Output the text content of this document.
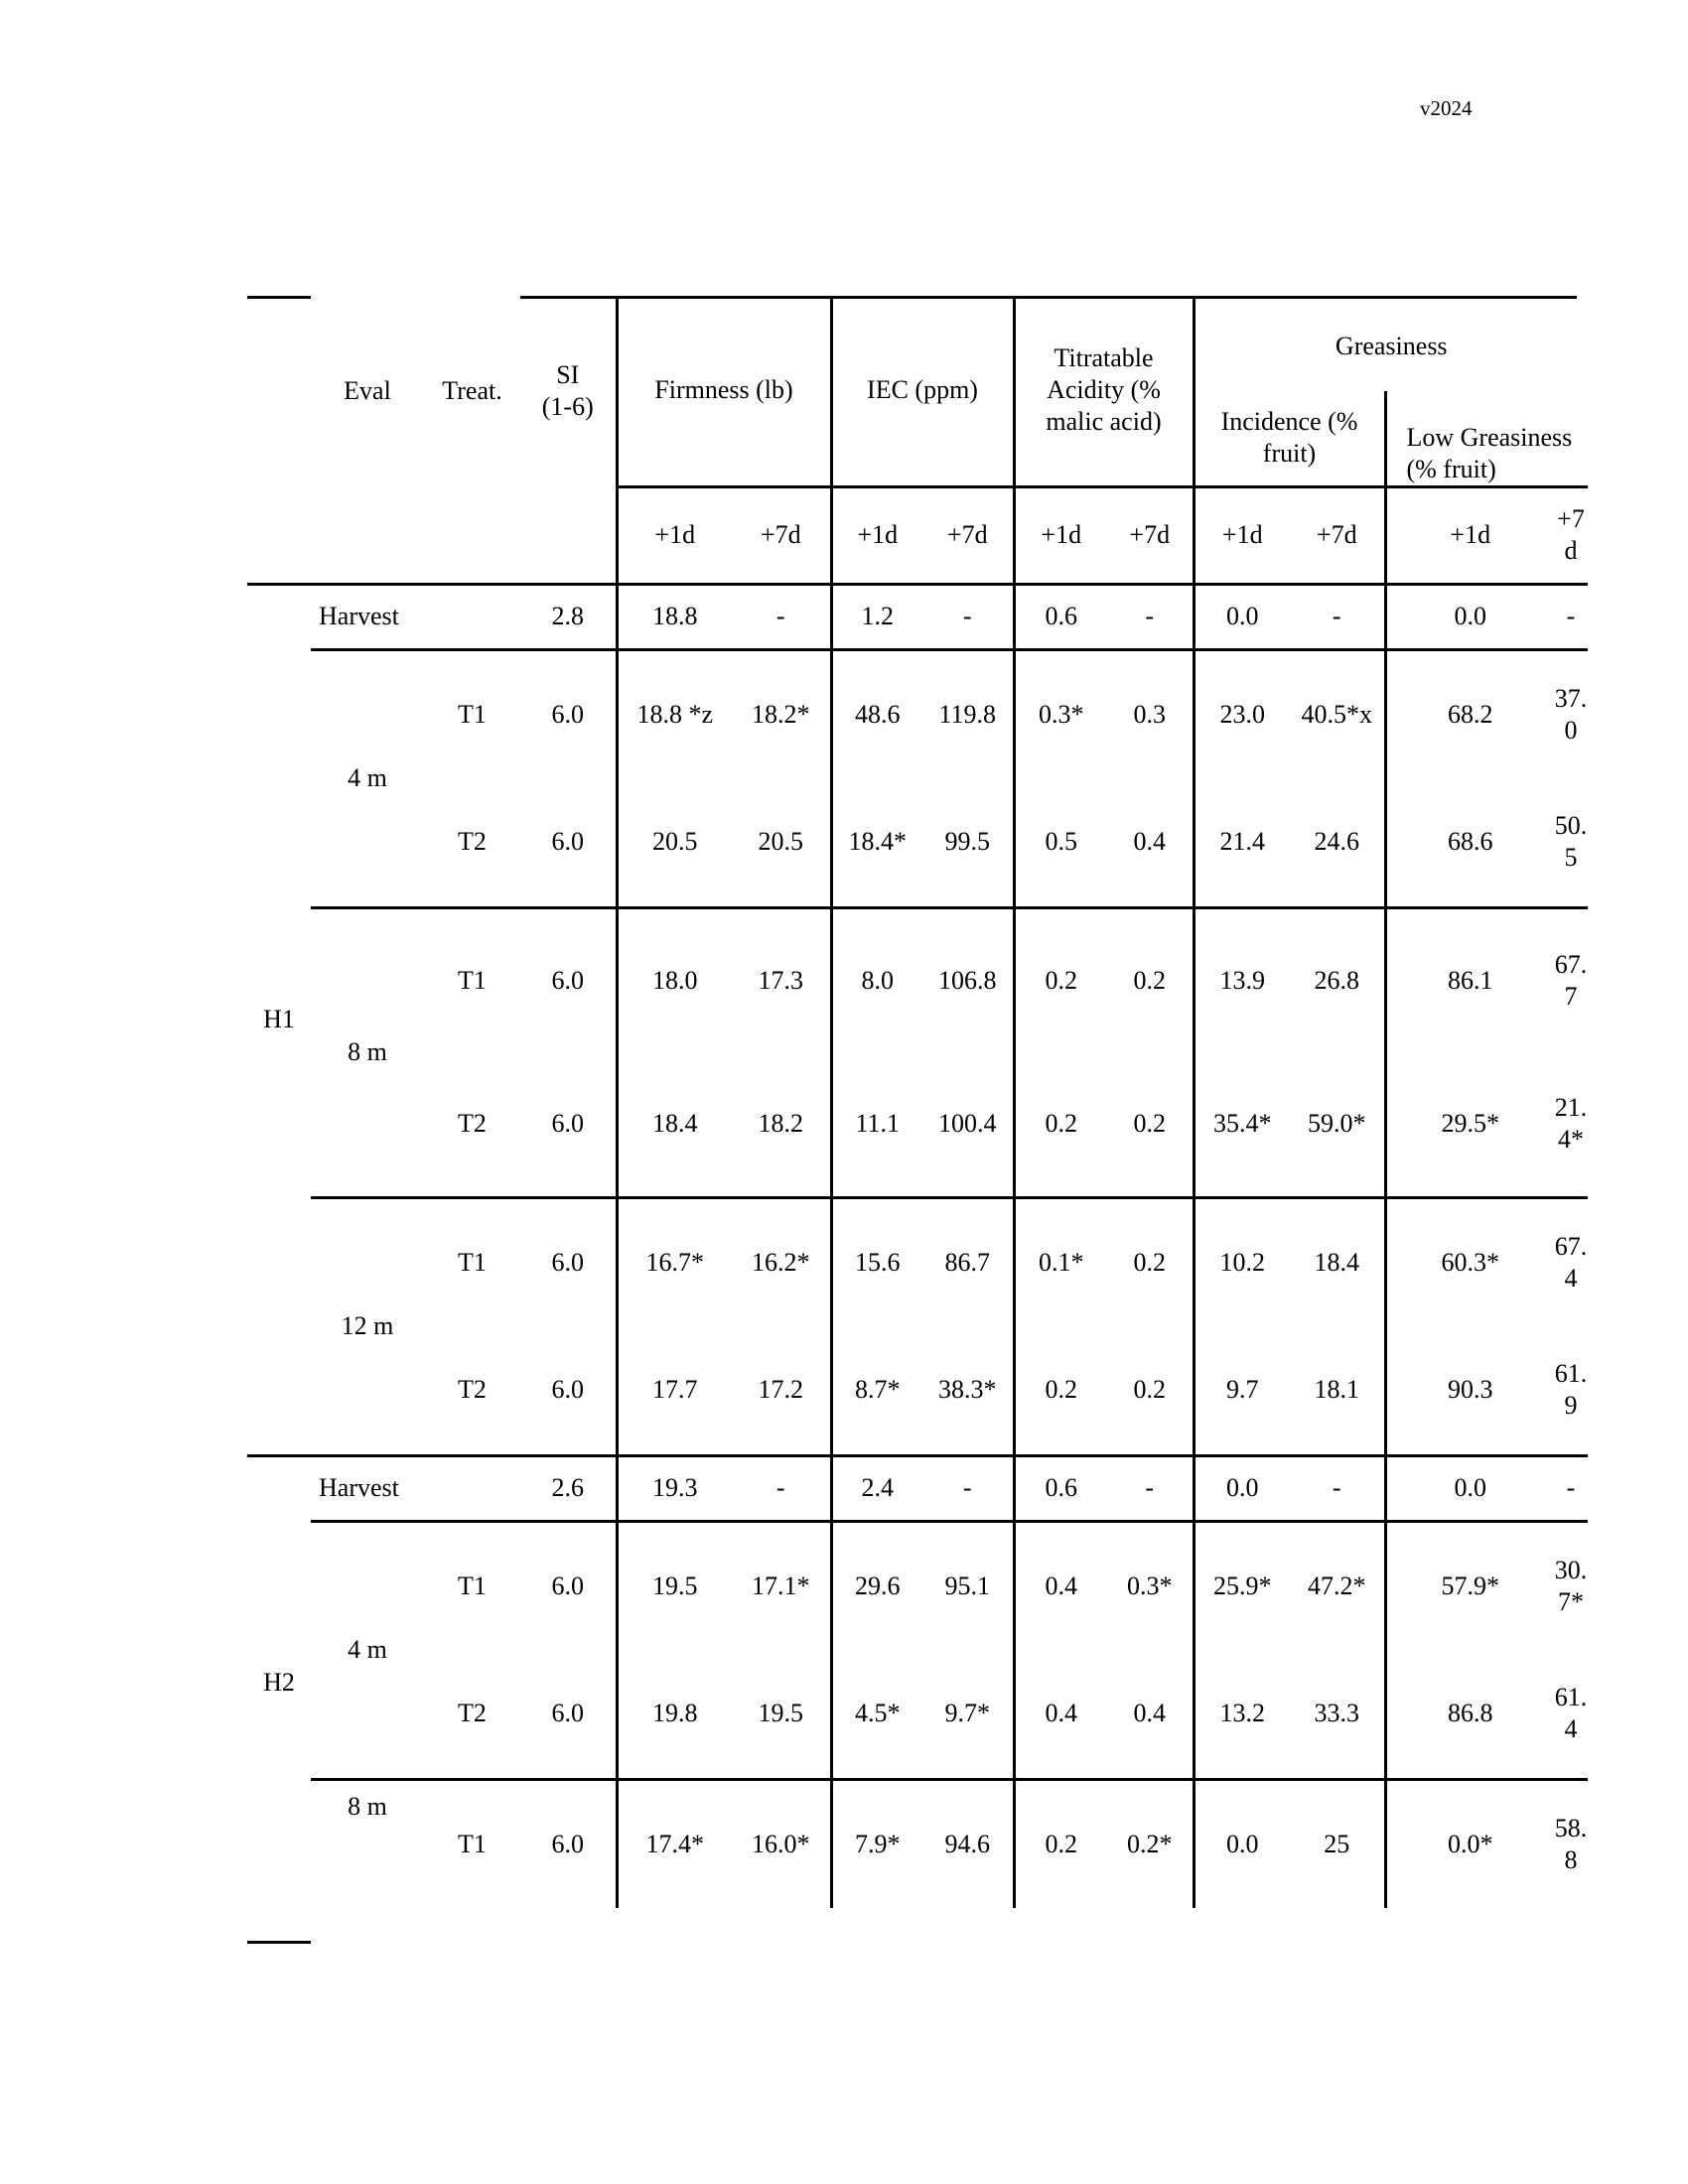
v2024
	Eval	Treat.	SI
(1-6)	Firmness (lb)		IEC (ppm)		Titratable Acidity (% malic acid)		Greasiness			
										Incidence (% fruit)		Low Greasiness (% fruit)	
				+1d	+7d	+1d	+7d	+1d	+7d	+1d	+7d	+1d	+7d
H1	Harvest		2.8	18.8	-	1.2	-	0.6	-	0.0	-	0.0	-
	4 m	T1	6.0	18.8 *z	18.2*	48.6	119.8	0.3*	0.3	23.0	40.5*x	68.2	37.0
		T2	6.0	20.5	20.5	18.4*	99.5	0.5	0.4	21.4	24.6	68.6	50.5
	8 m	T1	6.0	18.0	17.3	8.0	106.8	0.2	0.2	13.9	26.8	86.1	67.7
		T2	6.0	18.4	18.2	11.1	100.4	0.2	0.2	35.4*	59.0*	29.5*	21.4*
	12 m	T1	6.0	16.7*	16.2*	15.6	86.7	0.1*	0.2	10.2	18.4	60.3*	67.4
		T2	6.0	17.7	17.2	8.7*	38.3*	0.2	0.2	9.7	18.1	90.3	61.9
H2	Harvest		2.6	19.3	-	2.4	-	0.6	-	0.0	-	0.0	-
	4 m	T1	6.0	19.5	17.1*	29.6	95.1	0.4	0.3*	25.9*	47.2*	57.9*	30.7*
		T2	6.0	19.8	19.5	4.5*	9.7*	0.4	0.4	13.2	33.3	86.8	61.4
	8 m	T1	6.0	17.4*	16.0*	7.9*	94.6	0.2	0.2*	0.0	25	0.0*	58.8
